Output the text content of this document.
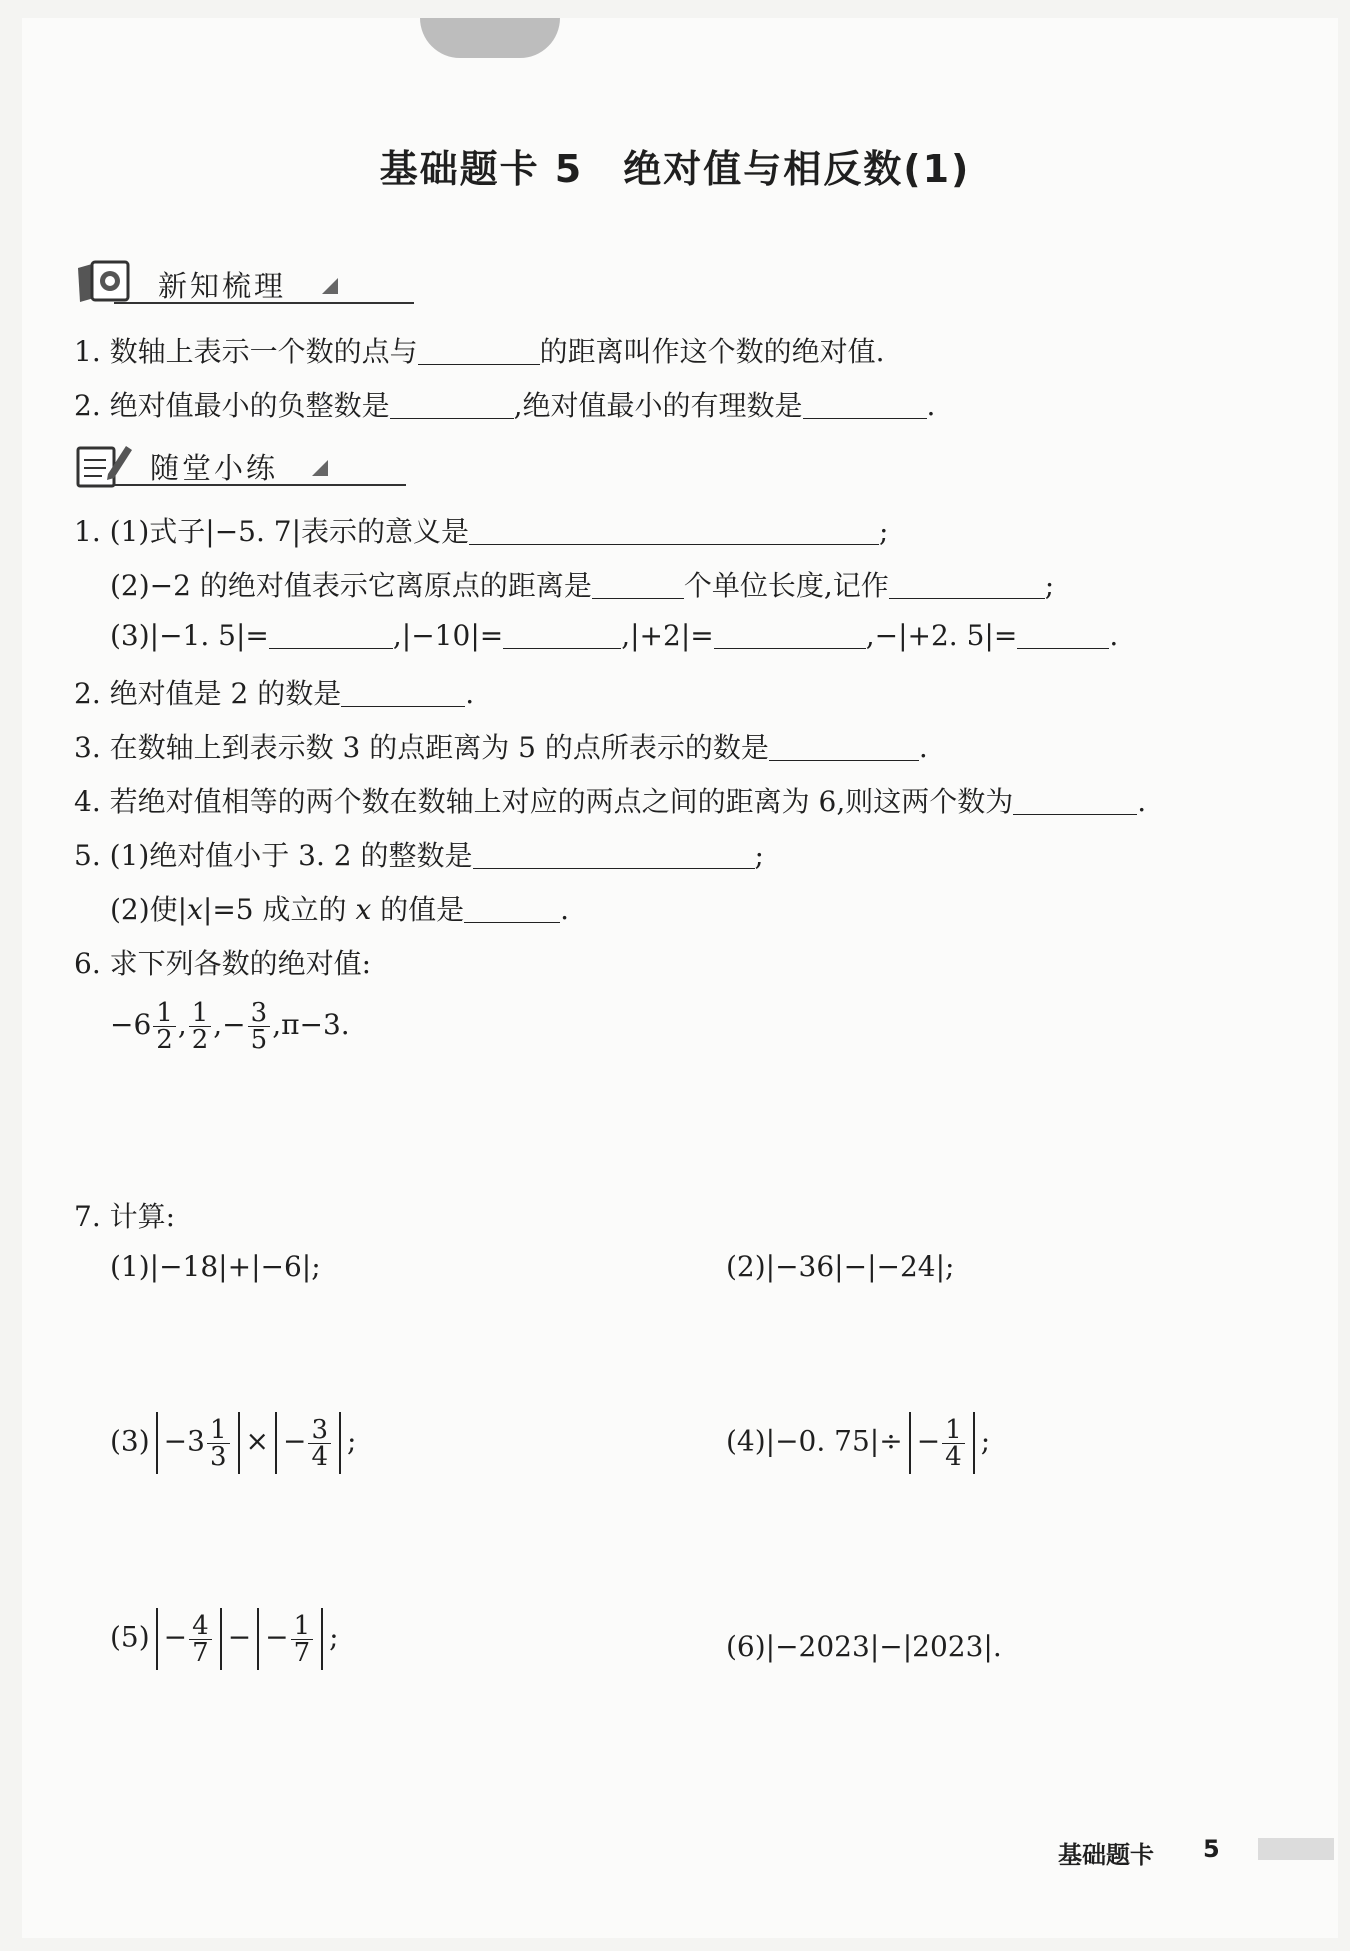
基础题卡 5 绝对值与相反数(1)
新知梳理
1. 数轴上表示一个数的点与	的距离叫作这个数的绝对值.
2. 绝对值最小的负整数是	,绝对值最小的有理数是	.
随堂小练
1. (1)式子|−5. 7|表示的意义是	;
(2)−2 的绝对值表示它离原点的距离是	个单位长度,记作	;
(3)|−1. 5|=	,|−10|=	,|+2|=	,−|+2. 5|=	.
2. 绝对值是 2 的数是	.
3. 在数轴上到表示数 3 的点距离为 5 的点所表示的数是	.
4. 若绝对值相等的两个数在数轴上对应的两点之间的距离为 6,则这两个数为	.
5. (1)绝对值小于 3. 2 的整数是	;
(2)使|x|=5 成立的 x 的值是	.
6. 求下列各数的绝对值:
$-6 \frac{1}{2}$ , $\frac{1}{2}$ ,− $\frac{3}{5} ,\pi-3$.
7. 计算:
(1)|−18|+|−6|;	(2)|−36|−|−24|;
$(3) -3 \frac{1}{3}$ × − $\frac{3}{4}$ ;	(4)|−0. $75|\div - \frac{1}{4}$ ;
$(5) - \frac{4}{7}$ − − $\frac{1}{7}$ ;	(6)|−2023|−|2023|.
基础题卡 5
